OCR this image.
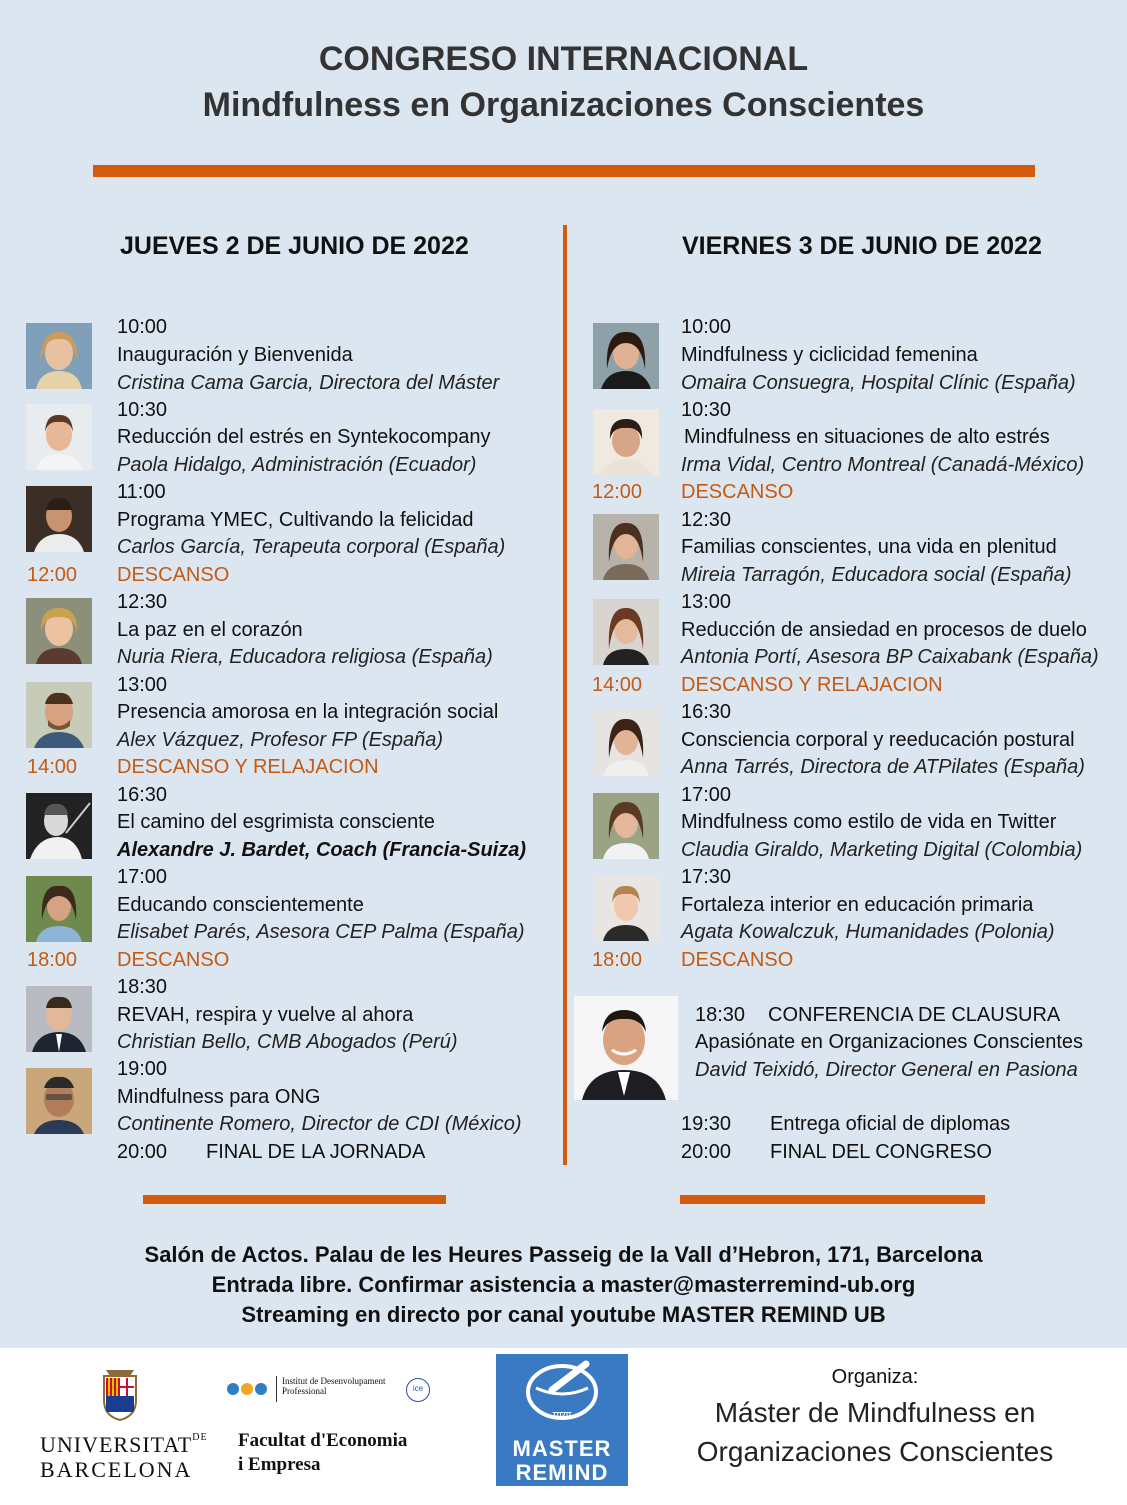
CONGRESO INTERNACIONAL
Mindfulness en Organizaciones Conscientes
JUEVES 2 DE JUNIO DE 2022	VIERNES 3 DE JUNIO DE 2022
10:00
Inauguración y Bienvenida
Cristina Cama Garcia, Directora del Máster
10:30
Reducción del estrés en Syntekocompany
Paola Hidalgo, Administración (Ecuador)
11:00
Programa YMEC, Cultivando la felicidad
Carlos García, Terapeuta corporal (España)
12:00 DESCANSO
12:30
La paz en el corazón
Nuria Riera, Educadora religiosa (España)
13:00
Presencia amorosa en la integración social
Alex Vázquez, Profesor FP (España)
14:00 DESCANSO Y RELAJACION
16:30
El camino del esgrimista consciente
Alexandre J. Bardet, Coach (Francia-Suiza)
17:00
Educando conscientemente
Elisabet Parés, Asesora CEP Palma (España)
18:00 DESCANSO
18:30
REVAH, respira y vuelve al ahora
Christian Bello, CMB Abogados (Perú)
19:00
Mindfulness para ONG
Continente Romero, Director de CDI (México)
20:00 FINAL DE LA JORNADA
10:00
Mindfulness y ciclicidad femenina
Omaira Consuegra, Hospital Clínic (España)
10:30
Mindfulness en situaciones de alto estrés
Irma Vidal, Centro Montreal (Canadá-México)
12:00 DESCANSO
12:30
Familias conscientes, una vida en plenitud
Mireia Tarragón, Educadora social (España)
13:00
Reducción de ansiedad en procesos de duelo
Antonia Portí, Asesora BP Caixabank (España)
14:00 DESCANSO Y RELAJACION
16:30
Consciencia corporal y reeducación postural
Anna Tarrés, Directora de ATPilates (España)
17:00
Mindfulness como estilo de vida en Twitter
Claudia Giraldo, Marketing Digital (Colombia)
17:30
Fortaleza interior en educación primaria
Agata Kowalczuk, Humanidades (Polonia)
18:00 DESCANSO
18:30 CONFERENCIA DE CLAUSURA
Apasiónate en Organizaciones Conscientes
David Teixidó, Director General en Pasiona
19:30 Entrega oficial de diplomas
20:00 FINAL DEL CONGRESO
Salón de Actos. Palau de les Heures Passeig de la Vall d’Hebron, 171, Barcelona
Entrada libre. Confirmar asistencia a master@masterremind-ub.org
Streaming en directo por canal youtube MASTER REMIND UB
$UNIVERSITAT^{DE}$
BARCELONA
Institut de Desenvolupament Professional	ice
Facultat d'Economia
i Empresa
माया
MASTER
REMIND
Organiza:
Máster de Mindfulness en
Organizaciones Conscientes
